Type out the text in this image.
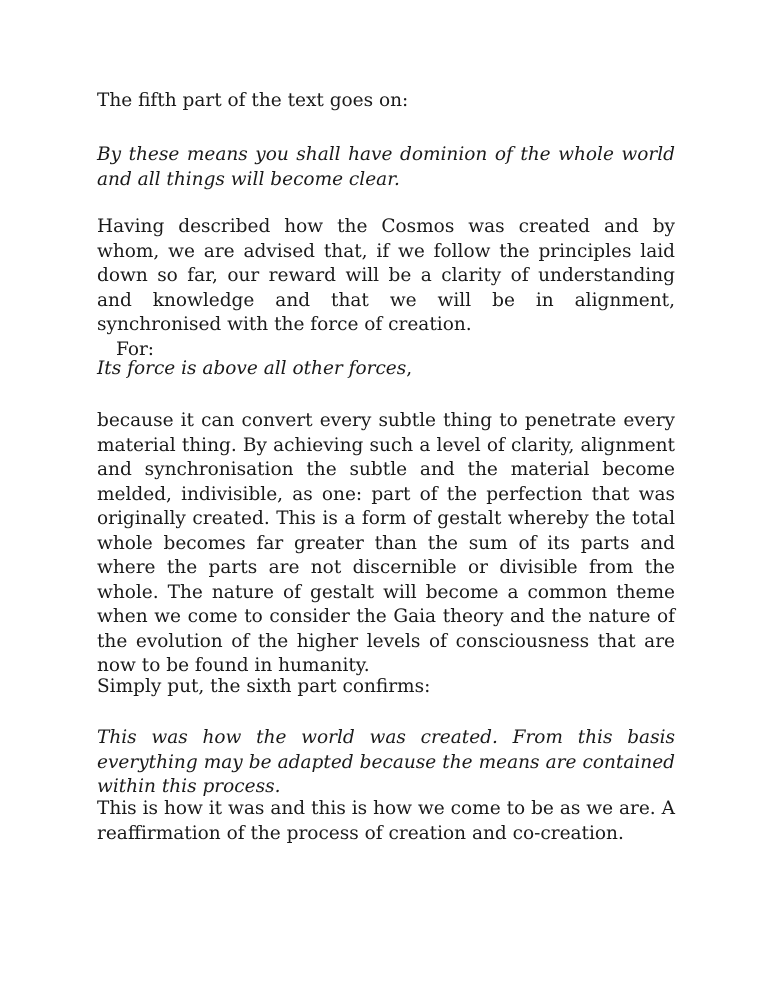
The fifth part of the text goes on:

By these means you shall have dominion of the whole world and all things will become clear.

Having described how the Cosmos was created and by whom, we are advised that, if we follow the principles laid down so far, our reward will be a clarity of understanding and knowledge and that we will be in alignment, synchronised with the force of creation.
For:

Its force is above all other forces,

because it can convert every subtle thing to penetrate every material thing. By achieving such a level of clarity, alignment and synchronisation the subtle and the material become melded, indivisible, as one: part of the perfection that was originally created. This is a form of gestalt whereby the total whole becomes far greater than the sum of its parts and where the parts are not discernible or divisible from the whole. The nature of gestalt will become a common theme when we come to consider the Gaia theory and the nature of the evolution of the higher levels of consciousness that are now to be found in humanity.

Simply put, the sixth part confirms:

This was how the world was created. From this basis everything may be adapted because the means are contained within this process.

This is how it was and this is how we come to be as we are. A reaffirmation of the process of creation and co-creation.
